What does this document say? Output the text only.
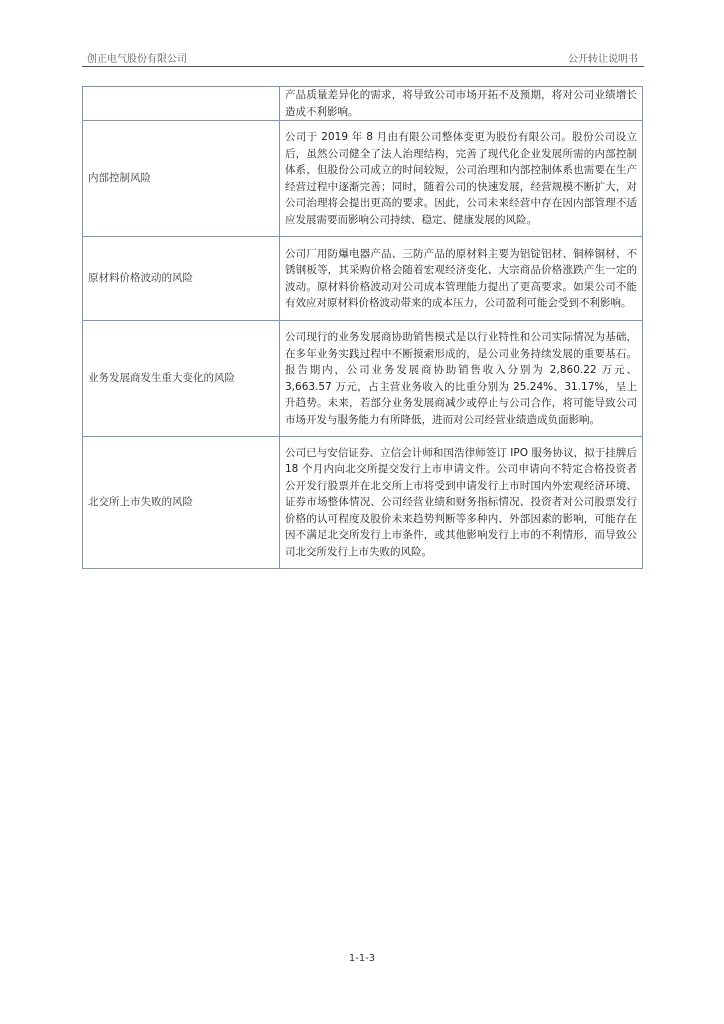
创正电气股份有限公司	公开转让说明书
	产品质量差异化的需求，将导致公司市场开拓不及预期，将对公司业绩增长造成不利影响。
内部控制风险	公司于 2019 年 8 月由有限公司整体变更为股份有限公司。股份公司设立后，虽然公司健全了法人治理结构，完善了现代化企业发展所需的内部控制体系，但股份公司成立的时间较短，公司治理和内部控制体系也需要在生产经营过程中逐渐完善；同时，随着公司的快速发展，经营规模不断扩大，对公司治理将会提出更高的要求。因此，公司未来经营中存在因内部管理不适应发展需要而影响公司持续、稳定、健康发展的风险。
原材料价格波动的风险	公司厂用防爆电器产品、三防产品的原材料主要为铝锭铝材、铜棒铜材、不锈钢板等，其采购价格会随着宏观经济变化、大宗商品价格涨跌产生一定的波动。原材料价格波动对公司成本管理能力提出了更高要求。如果公司不能有效应对原材料价格波动带来的成本压力，公司盈利可能会受到不利影响。
业务发展商发生重大变化的风险	公司现行的业务发展商协助销售模式是以行业特性和公司实际情况为基础，在多年业务实践过程中不断摸索形成的，是公司业务持续发展的重要基石。报告期内，公司业务发展商协助销售收入分别为 2,860.22 万元、3,663.57 万元，占主营业务收入的比重分别为 25.24%、31.17%，呈上升趋势。未来，若部分业务发展商减少或停止与公司合作，将可能导致公司市场开发与服务能力有所降低，进而对公司经营业绩造成负面影响。
北交所上市失败的风险	公司已与安信证券、立信会计师和国浩律师签订 IPO 服务协议，拟于挂牌后 18 个月内向北交所提交发行上市申请文件。公司申请向不特定合格投资者公开发行股票并在北交所上市将受到申请发行上市时国内外宏观经济环境、证券市场整体情况、公司经营业绩和财务指标情况、投资者对公司股票发行价格的认可程度及股价未来趋势判断等多种内、外部因素的影响，可能存在因不满足北交所发行上市条件，或其他影响发行上市的不利情形，而导致公司北交所发行上市失败的风险。
1-1-3
